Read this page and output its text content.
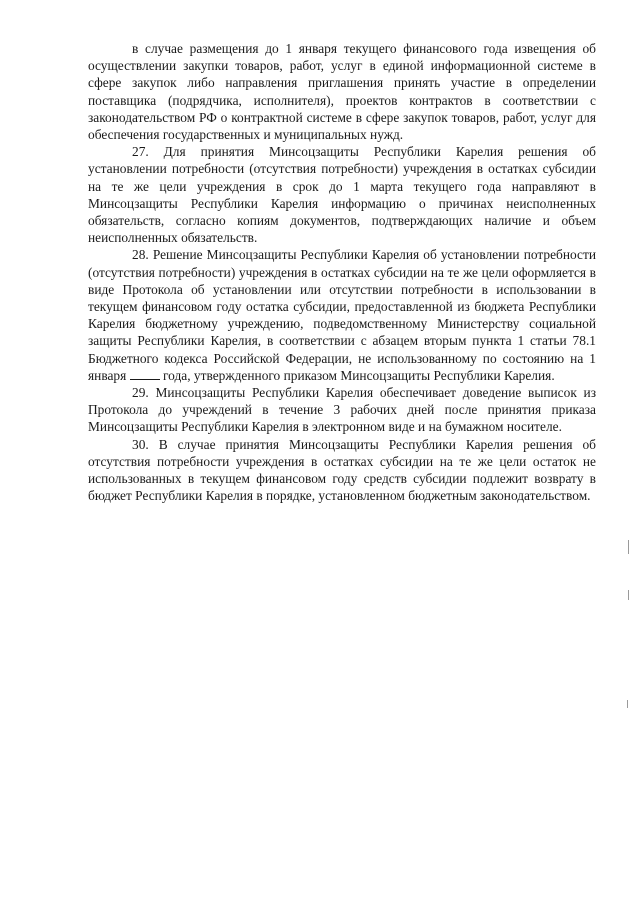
в случае размещения до 1 января текущего финансового года извещения об осуществлении закупки товаров, работ, услуг в единой информационной системе в сфере закупок либо направления приглашения принять участие в определении поставщика (подрядчика, исполнителя), проектов контрактов в соответствии с законодательством РФ о контрактной системе в сфере закупок товаров, работ, услуг для обеспечения государственных и муниципальных нужд.

27. Для принятия Минсоцзащиты Республики Карелия решения об установлении потребности (отсутствия потребности) учреждения в остатках субсидии на те же цели учреждения в срок до 1 марта текущего года направляют в Минсоцзащиты Республики Карелия информацию о причинах неисполненных обязательств, согласно копиям документов, подтверждающих наличие и объем неисполненных обязательств.

28. Решение Минсоцзащиты Республики Карелия об установлении потребности (отсутствия потребности) учреждения в остатках субсидии на те же цели оформляется в виде Протокола об установлении или отсутствии потребности в использовании в текущем финансовом году остатка субсидии, предоставленной из бюджета Республики Карелия бюджетному учреждению, подведомственному Министерству социальной защиты Республики Карелия, в соответствии с абзацем вторым пункта 1 статьи 78.1 Бюджетного кодекса Российской Федерации, не использованному по состоянию на 1 января	года, утвержденного приказом Минсоцзащиты Республики Карелия.

29. Минсоцзащиты Республики Карелия обеспечивает доведение выписок из Протокола до учреждений в течение 3 рабочих дней после принятия приказа Минсоцзащиты Республики Карелия в электронном виде и на бумажном носителе.

30. В случае принятия Минсоцзащиты Республики Карелия решения об отсутствия потребности учреждения в остатках субсидии на те же цели остаток не использованных в текущем финансовом году средств субсидии подлежит возврату в бюджет Республики Карелия в порядке, установленном бюджетным законодательством.
